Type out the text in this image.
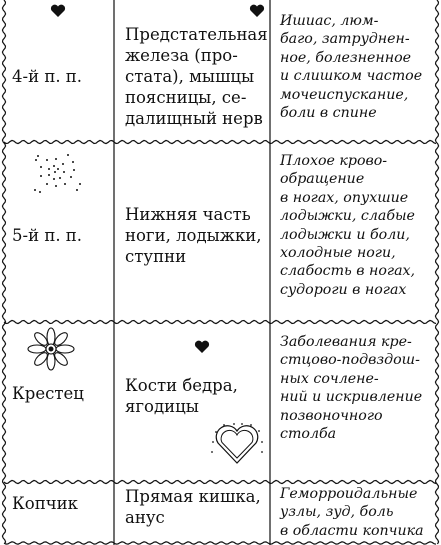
4-й п. п.
Предстательная
железа (про-
стата), мышцы
поясницы, се-
далищный нерв
Ишиас, люм-
баго, затруднен-
ное, болезненное
и слишком частое
мочеиспускание,
боли в спине
5-й п. п.
Нижняя часть
ноги, лодыжки,
ступни
Плохое крово-
обращение
в ногах, опухшие
лодыжки, слабые
лодыжки и боли,
холодные ноги,
слабость в ногах,
судороги в ногах
Крестец Кости бедра,
ягодицы
Заболевания кре-
стцово-подвздош-
ных сочлене-
ний и искривление
позвоночного
столба
Копчик	Прямая кишка,
анус
Геморроидальные
узлы, зуд, боль
в области копчика
